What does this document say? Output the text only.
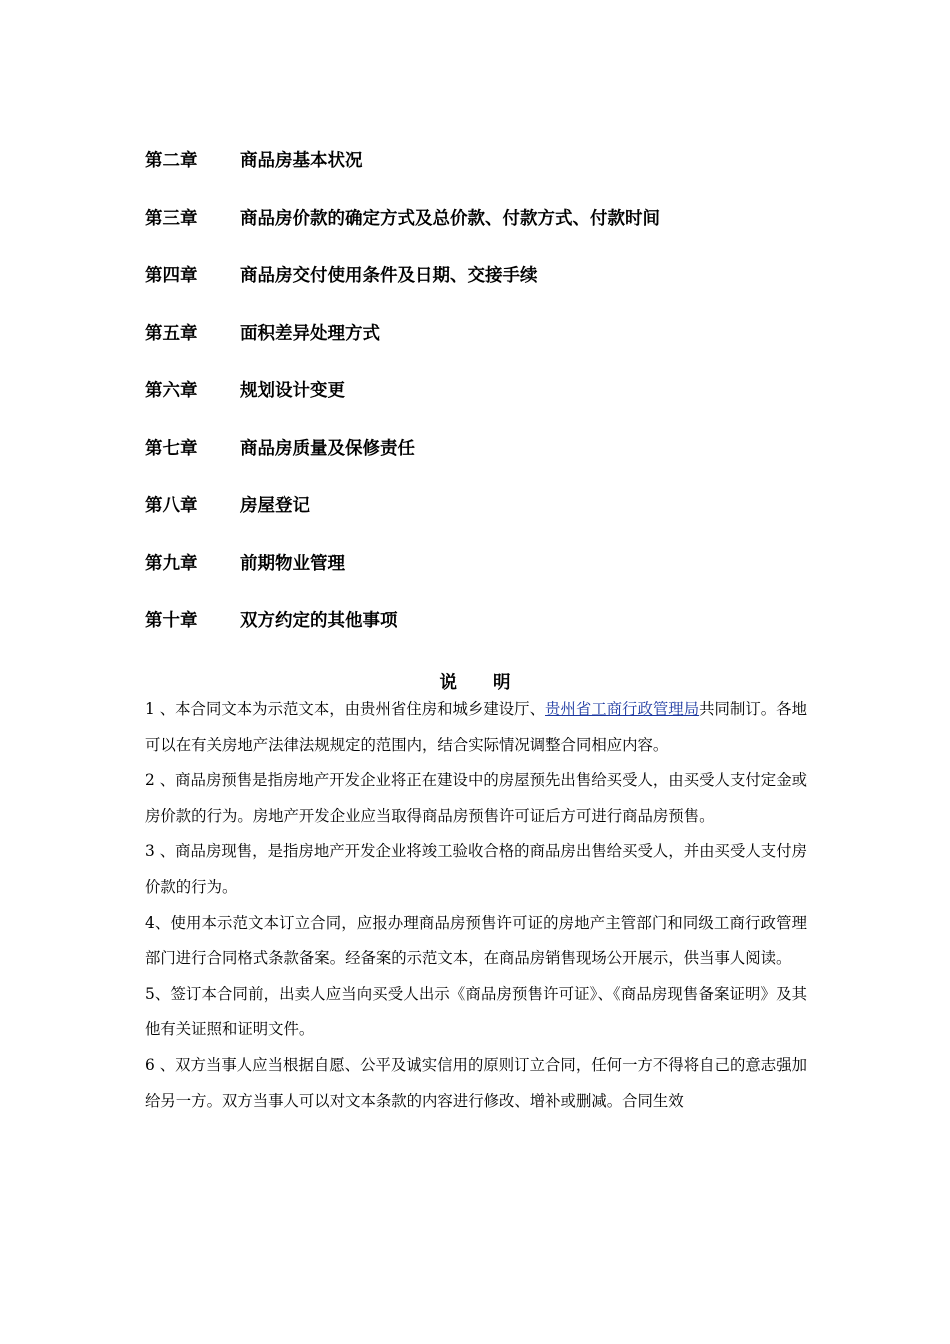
第二章	商品房基本状况
第三章	商品房价款的确定方式及总价款、付款方式、付款时间
第四章	商品房交付使用条件及日期、交接手续
第五章	面积差异处理方式
第六章	规划设计变更
第七章	商品房质量及保修责任
第八章	房屋登记
第九章	前期物业管理
第十章	双方约定的其他事项
说明

1 、本合同文本为示范文本，由贵州省住房和城乡建设厅、贵州省工商行政管理局共同制订。各地可以在有关房地产法律法规规定的范围内，结合实际情况调整合同相应内容。

2 、商品房预售是指房地产开发企业将正在建设中的房屋预先出售给买受人，由买受人支付定金或房价款的行为。房地产开发企业应当取得商品房预售许可证后方可进行商品房预售。

3 、商品房现售，是指房地产开发企业将竣工验收合格的商品房出售给买受人，并由买受人支付房价款的行为。

4、使用本示范文本订立合同，应报办理商品房预售许可证的房地产主管部门和同级工商行政管理部门进行合同格式条款备案。经备案的示范文本，在商品房销售现场公开展示，供当事人阅读。

5、签订本合同前，出卖人应当向买受人出示《商品房预售许可证》、《商品房现售备案证明》及其他有关证照和证明文件。

6 、双方当事人应当根据自愿、公平及诚实信用的原则订立合同，任何一方不得将自己的意志强加给另一方。双方当事人可以对文本条款的内容进行修改、增补或删减。合同生效
